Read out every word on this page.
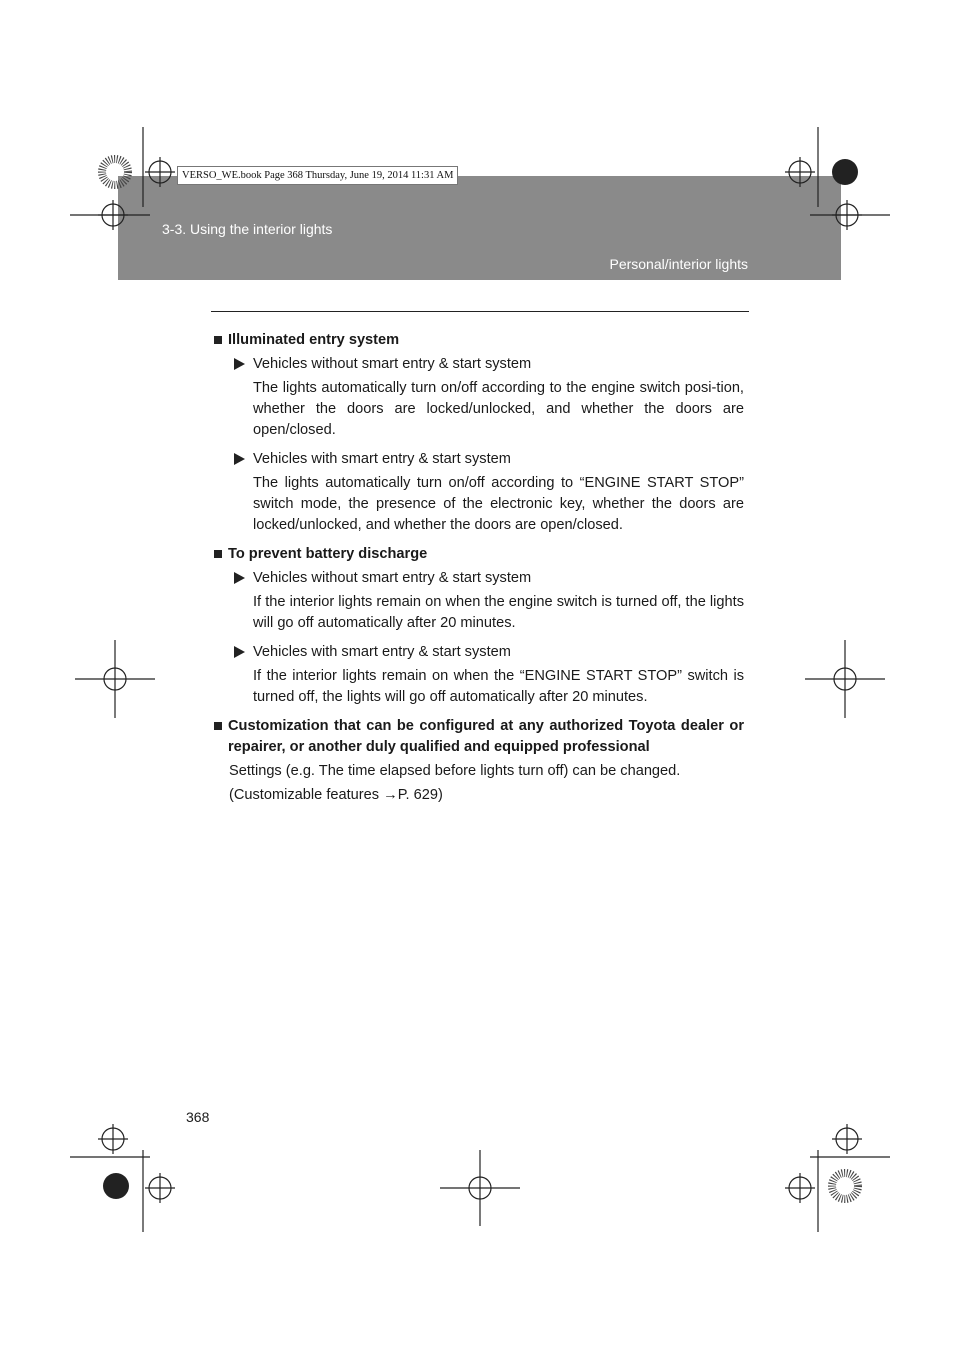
3-3. Using the interior lights
Personal/interior lights
VERSO_WE.book Page 368 Thursday, June 19, 2014 11:31 AM
Illuminated entry system
Vehicles without smart entry & start system
The lights automatically turn on/off according to the engine switch posi-tion, whether the doors are locked/unlocked, and whether the doors are open/closed.
Vehicles with smart entry & start system
The lights automatically turn on/off according to “ENGINE START STOP” switch mode, the presence of the electronic key, whether the doors are locked/unlocked, and whether the doors are open/closed.
To prevent battery discharge
Vehicles without smart entry & start system
If the interior lights remain on when the engine switch is turned off, the lights will go off automatically after 20 minutes.
Vehicles with smart entry & start system
If the interior lights remain on when the “ENGINE START STOP” switch is turned off, the lights will go off automatically after 20 minutes.
Customization that can be configured at any authorized Toyota dealer or repairer, or another duly qualified and equipped professional
Settings (e.g. The time elapsed before lights turn off) can be changed.
(Customizable features →P. 629)
368
